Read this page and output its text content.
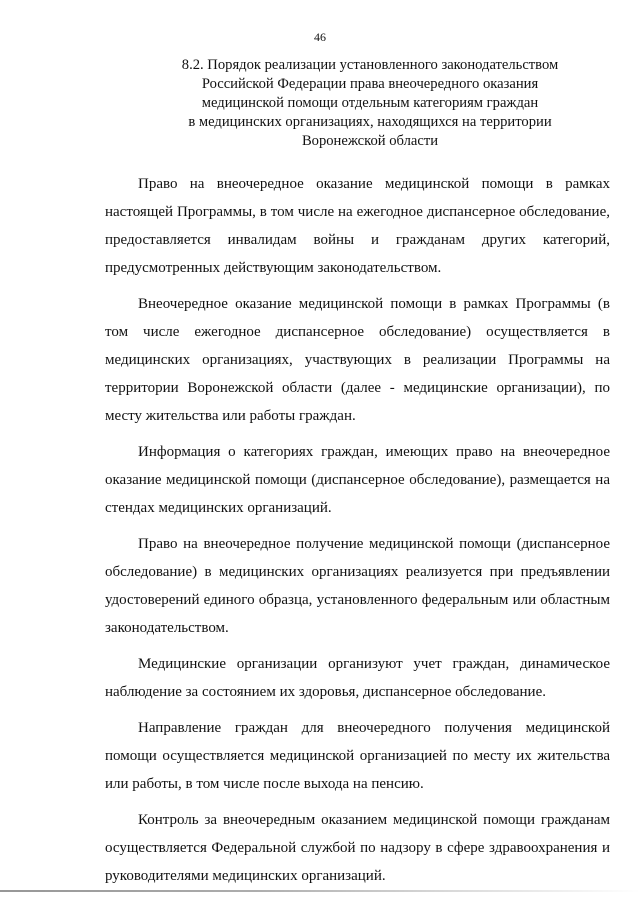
46
8.2. Порядок реализации установленного законодательством
Российской Федерации права внеочередного оказания
медицинской помощи отдельным категориям граждан
в медицинских организациях, находящихся на территории
Воронежской области

Право на внеочередное оказание медицинской помощи в рамках настоящей Программы, в том числе на ежегодное диспансерное обследование, предоставляется инвалидам войны и гражданам других категорий, предусмотренных действующим законодательством.

Внеочередное оказание медицинской помощи в рамках Программы (в том числе ежегодное диспансерное обследование) осуществляется в медицинских организациях, участвующих в реализации Программы на территории Воронежской области (далее - медицинские организации), по месту жительства или работы граждан.

Информация о категориях граждан, имеющих право на внеочередное оказание медицинской помощи (диспансерное обследование), размещается на стендах медицинских организаций.

Право на внеочередное получение медицинской помощи (диспансерное обследование) в медицинских организациях реализуется при предъявлении удостоверений единого образца, установленного федеральным или областным законодательством.

Медицинские организации организуют учет граждан, динамическое наблюдение за состоянием их здоровья, диспансерное обследование.

Направление граждан для внеочередного получения медицинской помощи осуществляется медицинской организацией по месту их жительства или работы, в том числе после выхода на пенсию.

Контроль за внеочередным оказанием медицинской помощи гражданам осуществляется Федеральной службой по надзору в сфере здравоохранения и руководителями медицинских организаций.
